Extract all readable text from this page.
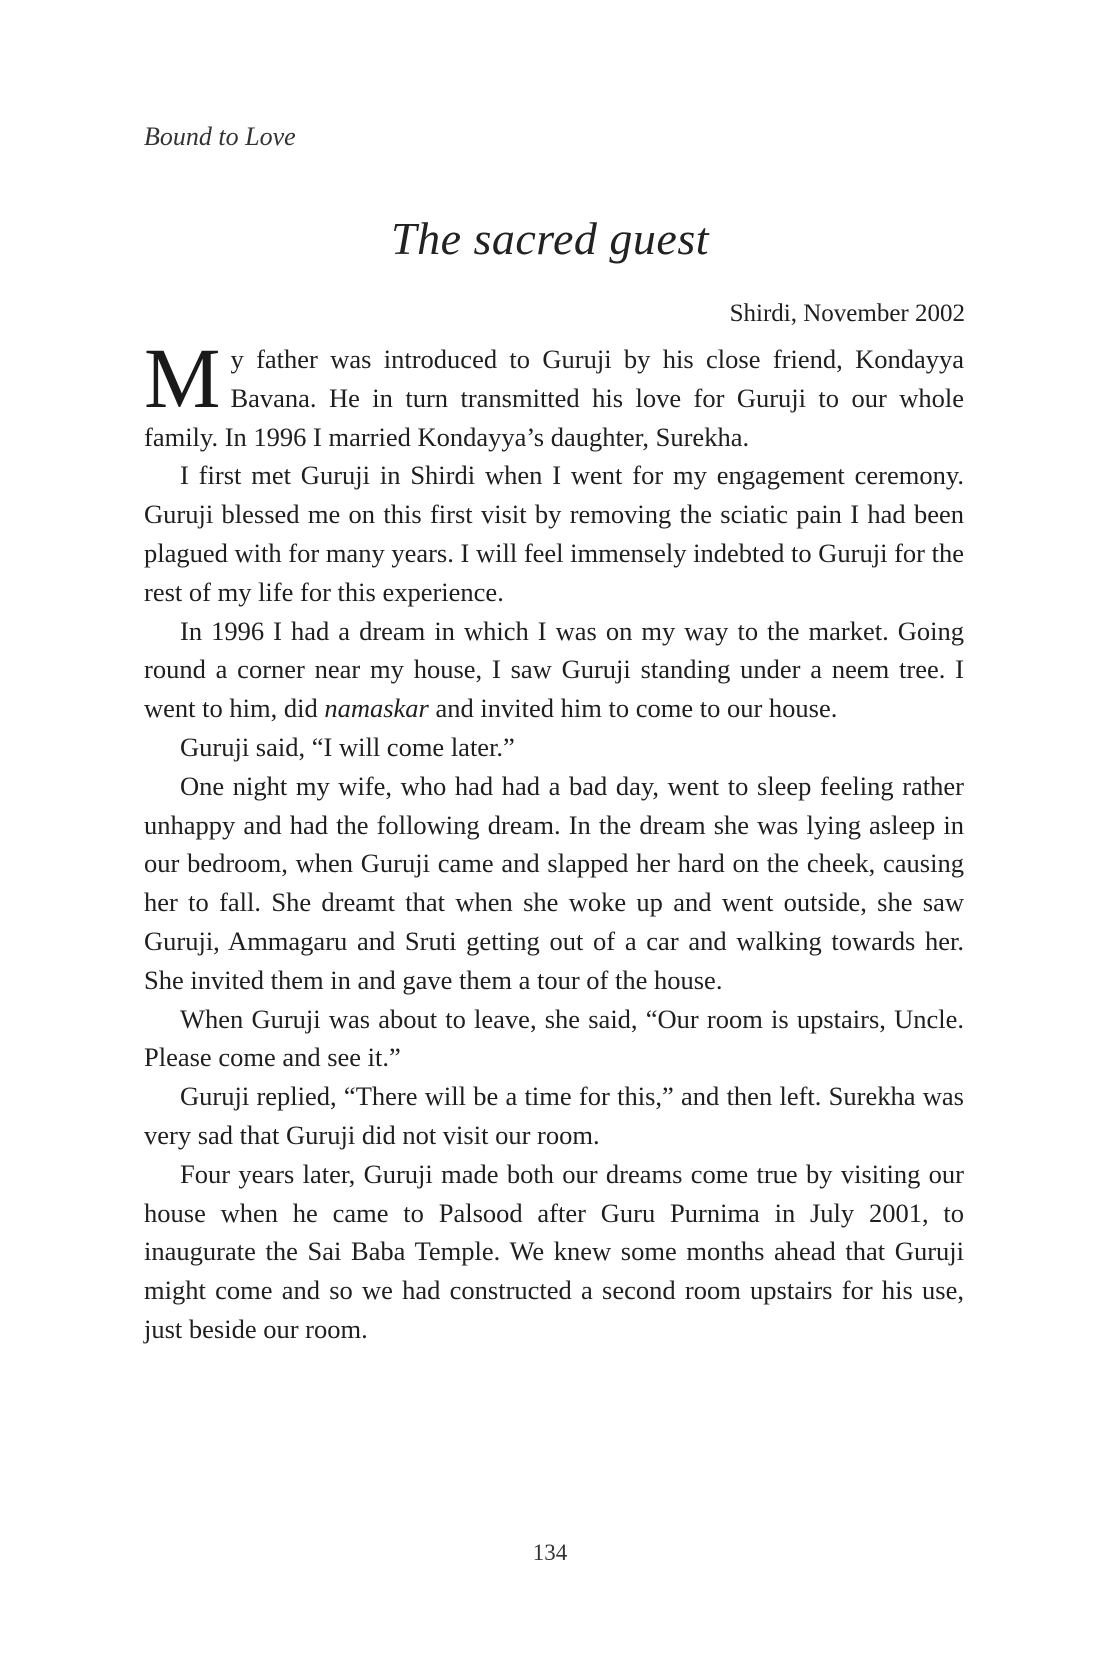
Bound to Love
The sacred guest
Shirdi, November 2002

My father was introduced to Guruji by his close friend, Kondayya Bavana. He in turn transmitted his love for Guruji to our whole family. In 1996 I married Kondayya’s daughter, Surekha.

I first met Guruji in Shirdi when I went for my engagement ceremony. Guruji blessed me on this first visit by removing the sciatic pain I had been plagued with for many years. I will feel immensely indebted to Guruji for the rest of my life for this experience.

In 1996 I had a dream in which I was on my way to the market. Going round a corner near my house, I saw Guruji standing under a neem tree. I went to him, did namaskar and invited him to come to our house.

Guruji said, “I will come later.”

One night my wife, who had had a bad day, went to sleep feeling rather unhappy and had the following dream. In the dream she was lying asleep in our bedroom, when Guruji came and slapped her hard on the cheek, causing her to fall. She dreamt that when she woke up and went outside, she saw Guruji, Ammagaru and Sruti getting out of a car and walking towards her. She invited them in and gave them a tour of the house.

When Guruji was about to leave, she said, “Our room is upstairs, Uncle. Please come and see it.”

Guruji replied, “There will be a time for this,” and then left. Surekha was very sad that Guruji did not visit our room.

Four years later, Guruji made both our dreams come true by visiting our house when he came to Palsood after Guru Purnima in July 2001, to inaugurate the Sai Baba Temple. We knew some months ahead that Guruji might come and so we had constructed a second room upstairs for his use, just beside our room.

134
